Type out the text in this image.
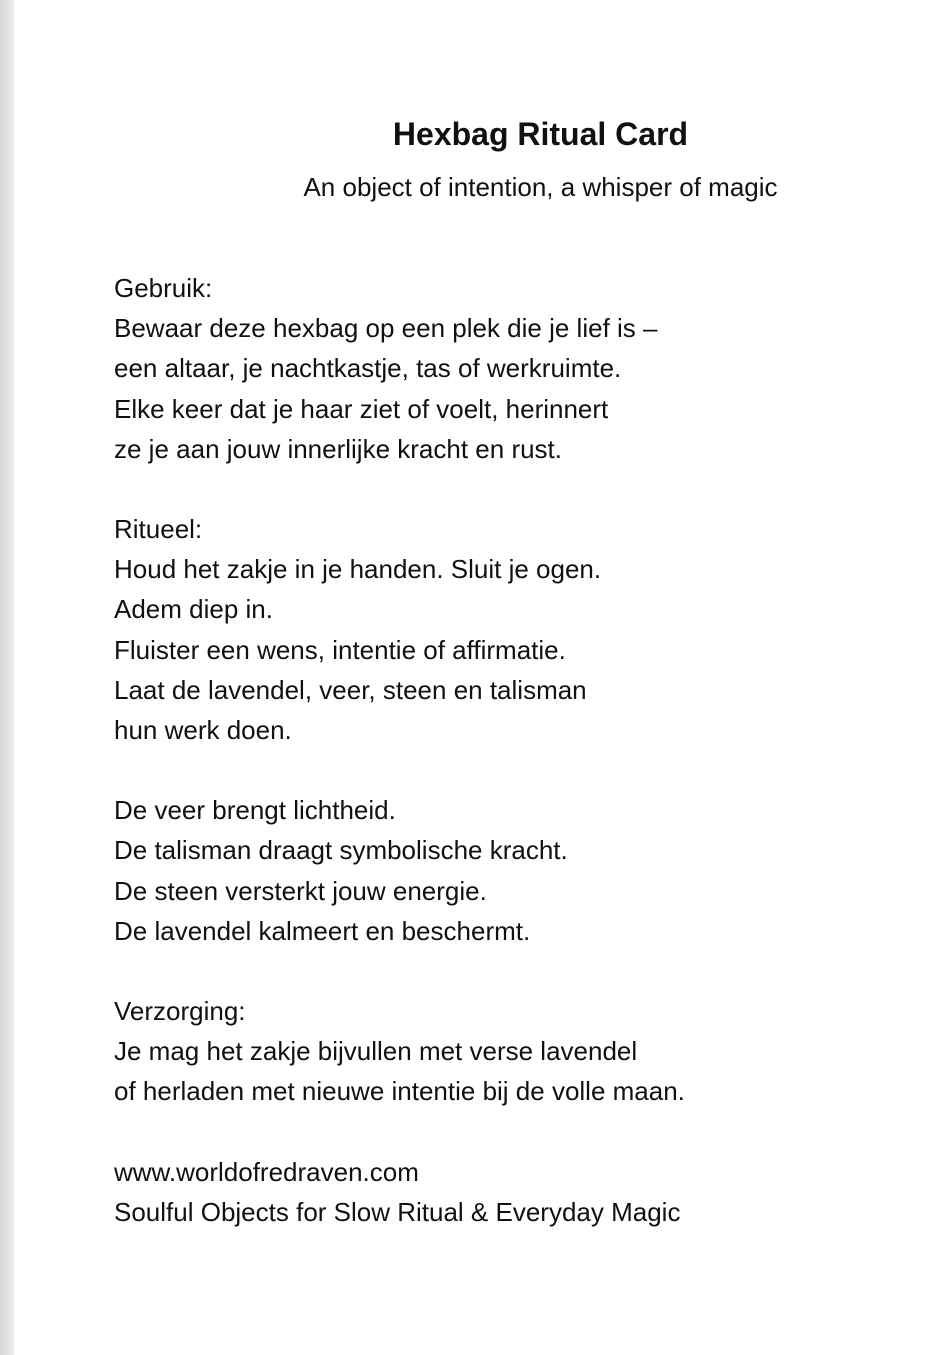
Hexbag Ritual Card

An object of intention, a whisper of magic

Gebruik:
Bewaar deze hexbag op een plek die je lief is –
een altaar, je nachtkastje, tas of werkruimte.
Elke keer dat je haar ziet of voelt, herinnert
ze je aan jouw innerlijke kracht en rust.
Ritueel:
Houd het zakje in je handen. Sluit je ogen.
Adem diep in.
Fluister een wens, intentie of affirmatie.
Laat de lavendel, veer, steen en talisman
hun werk doen.
De veer brengt lichtheid.
De talisman draagt symbolische kracht.
De steen versterkt jouw energie.
De lavendel kalmeert en beschermt.
Verzorging:
Je mag het zakje bijvullen met verse lavendel
of herladen met nieuwe intentie bij de volle maan.
www.worldofredraven.com
Soulful Objects for Slow Ritual & Everyday Magic
